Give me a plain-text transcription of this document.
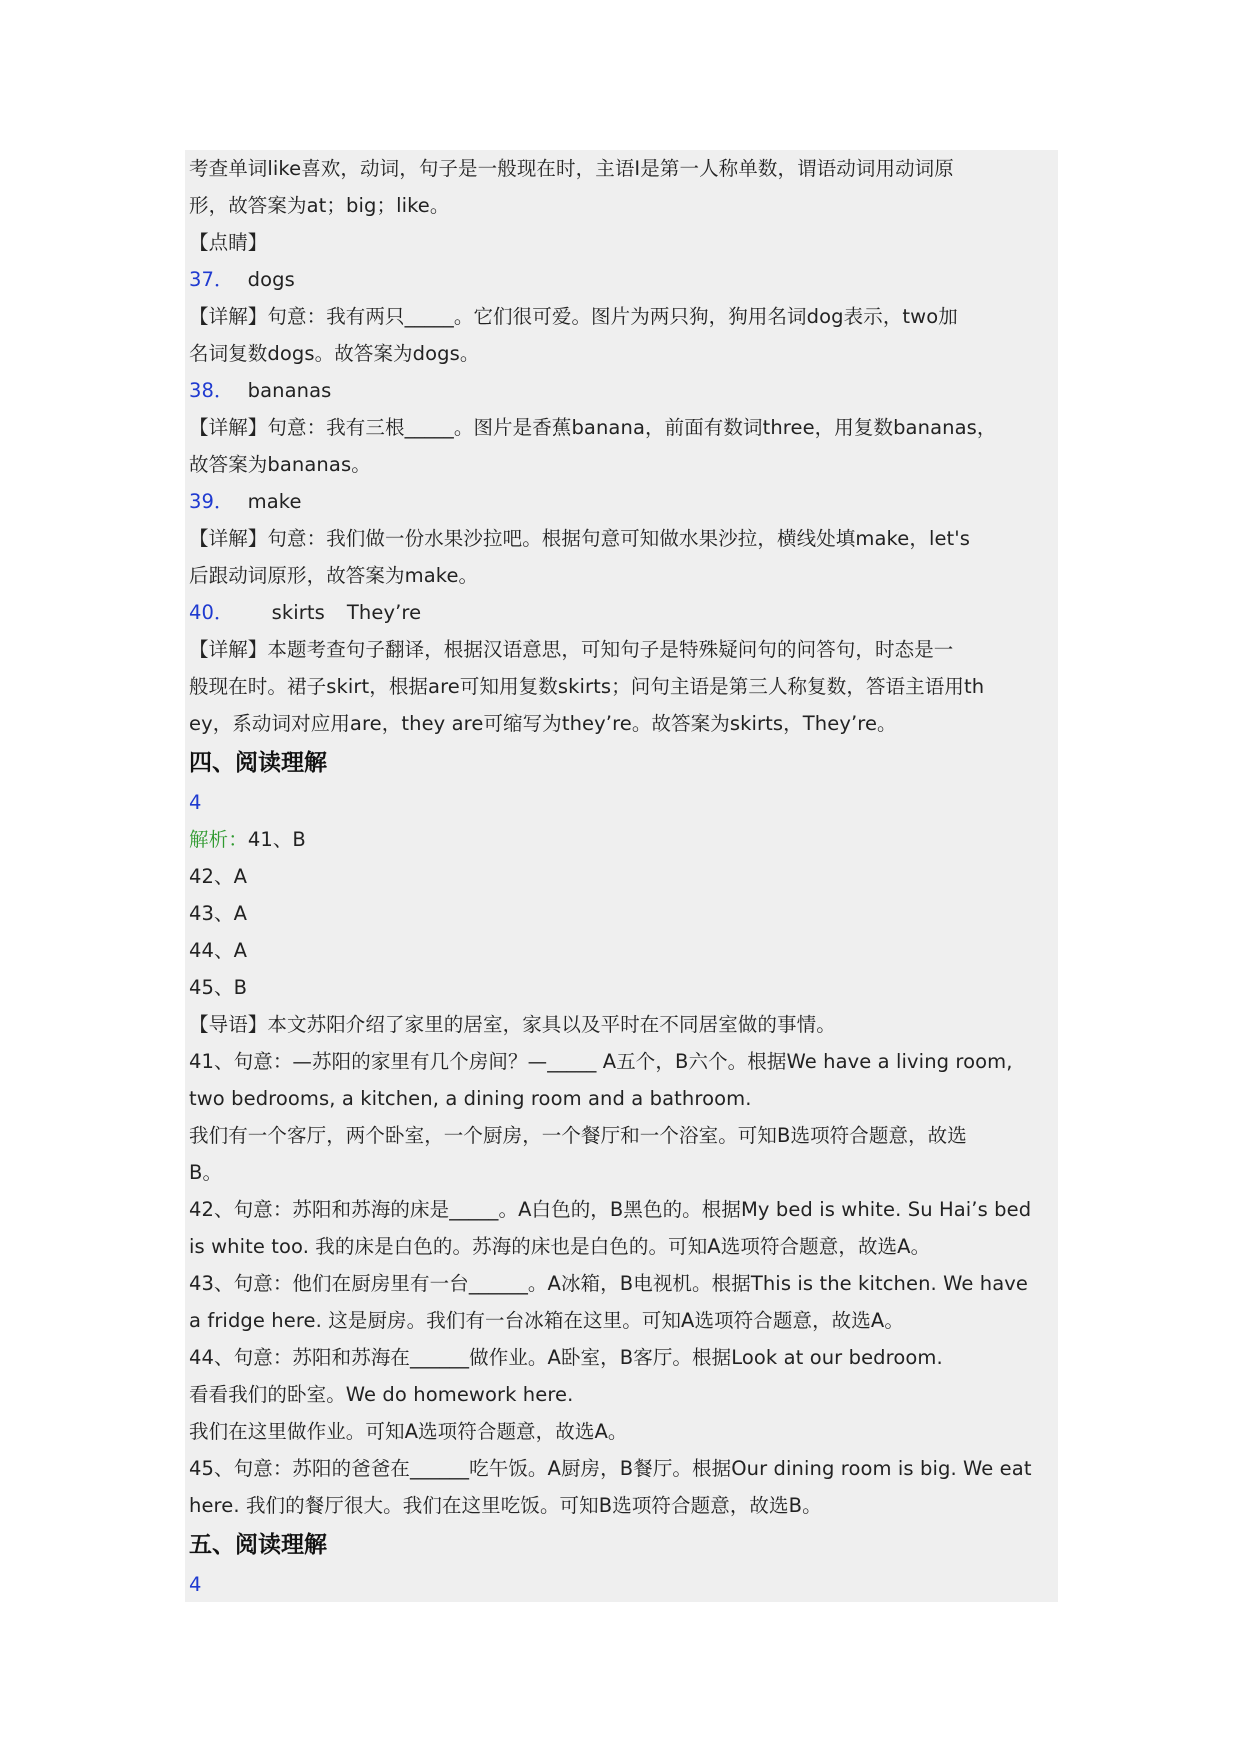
考查单词like喜欢，动词，句子是一般现在时，主语I是第一人称单数，谓语动词用动词原
形，故答案为at；big；like。
【点睛】
37． dogs
【详解】句意：我有两只_____。它们很可爱。图片为两只狗，狗用名词dog表示，two加
名词复数dogs。故答案为dogs。
38． bananas
【详解】句意：我有三根_____。图片是香蕉banana，前面有数词three，用复数bananas，
故答案为bananas。
39． make
【详解】句意：我们做一份水果沙拉吧。根据句意可知做水果沙拉，横线处填make，let's
后跟动词原形，故答案为make。
40． skirts They’re
【详解】本题考查句子翻译，根据汉语意思，可知句子是特殊疑问句的问答句，时态是一
般现在时。裙子skirt，根据are可知用复数skirts；问句主语是第三人称复数，答语主语用th
ey，系动词对应用are，they are可缩写为they’re。故答案为skirts，They’re。
四、阅读理解
4
解析：41、B
42、A
43、A
44、A
45、B
【导语】本文苏阳介绍了家里的居室，家具以及平时在不同居室做的事情。
41、句意：—苏阳的家里有几个房间？—_____ A五个，B六个。根据We have a living room,
two bedrooms, a kitchen, a dining room and a bathroom.
我们有一个客厅，两个卧室，一个厨房，一个餐厅和一个浴室。可知B选项符合题意，故选
B。
42、句意：苏阳和苏海的床是_____。A白色的，B黑色的。根据My bed is white. Su Hai’s bed
is white too. 我的床是白色的。苏海的床也是白色的。可知A选项符合题意，故选A。
43、句意：他们在厨房里有一台______。A冰箱，B电视机。根据This is the kitchen. We have
a fridge here. 这是厨房。我们有一台冰箱在这里。可知A选项符合题意，故选A。
44、句意：苏阳和苏海在______做作业。A卧室，B客厅。根据Look at our bedroom.
看看我们的卧室。We do homework here.
我们在这里做作业。可知A选项符合题意，故选A。
45、句意：苏阳的爸爸在______吃午饭。A厨房，B餐厅。根据Our dining room is big. We eat
here. 我们的餐厅很大。我们在这里吃饭。可知B选项符合题意，故选B。
五、阅读理解
4
